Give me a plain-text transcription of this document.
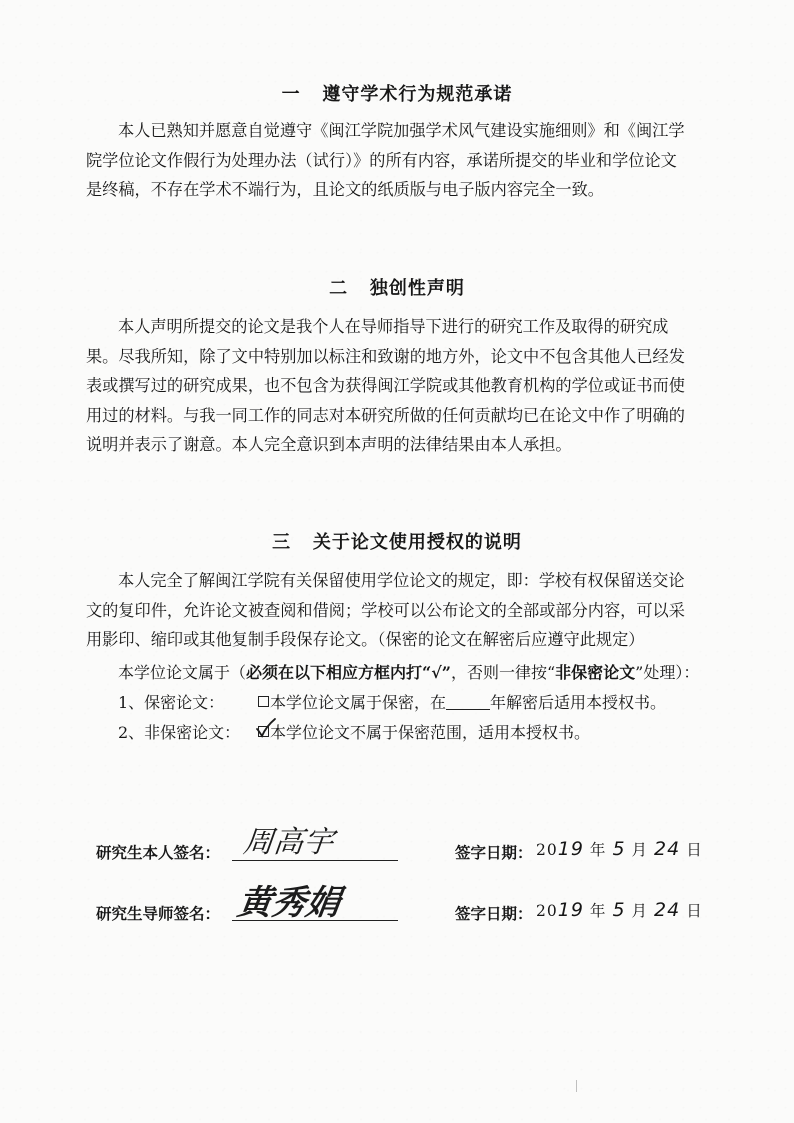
一   遵守学术行为规范承诺
本人已熟知并愿意自觉遵守《闽江学院加强学术风气建设实施细则》和《闽江学
院学位论文作假行为处理办法（试行）》的所有内容，承诺所提交的毕业和学位论文
是终稿，不存在学术不端行为，且论文的纸质版与电子版内容完全一致。
二   独创性声明
本人声明所提交的论文是我个人在导师指导下进行的研究工作及取得的研究成
果。尽我所知，除了文中特别加以标注和致谢的地方外，论文中不包含其他人已经发
表或撰写过的研究成果，也不包含为获得闽江学院或其他教育机构的学位或证书而使
用过的材料。与我一同工作的同志对本研究所做的任何贡献均已在论文中作了明确的
说明并表示了谢意。本人完全意识到本声明的法律结果由本人承担。
三   关于论文使用授权的说明
本人完全了解闽江学院有关保留使用学位论文的规定，即：学校有权保留送交论
文的复印件，允许论文被查阅和借阅；学校可以公布论文的全部或部分内容，可以采
用影印、缩印或其他复制手段保存论文。（保密的论文在解密后应遵守此规定）
本学位论文属于（必须在以下相应方框内打“√”，否则一律按“非保密论文”处理）：
1、保密论文：	本学位论文属于保密，在	年解密后适用本授权书。
2、非保密论文：	本学位论文不属于保密范围，适用本授权书。
研究生本人签名： 周高宇	签字日期： 2019 年 5 月 24 日
研究生导师签名： 黄秀娟	签字日期： 2019 年 5 月 24 日
